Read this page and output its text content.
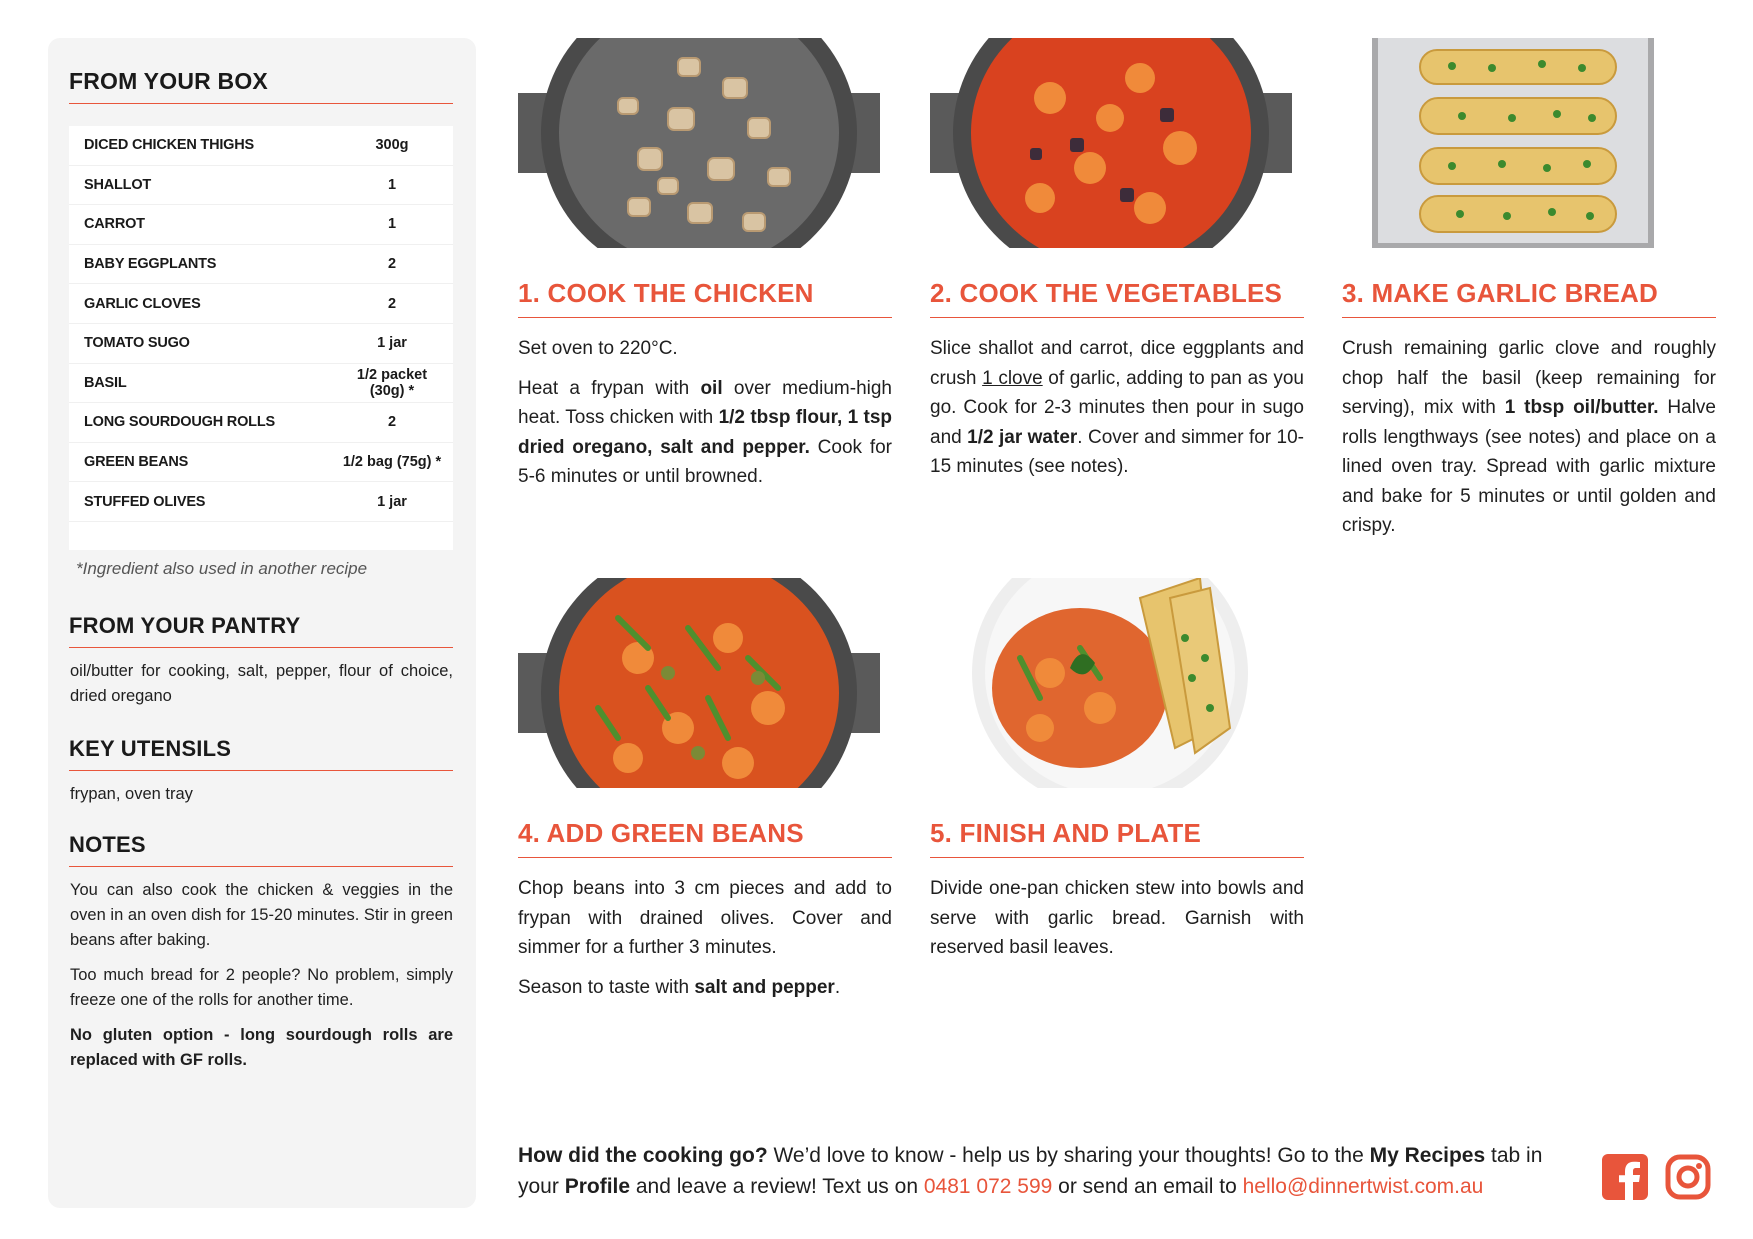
FROM YOUR BOX
DICED CHICKEN THIGHS	300g
SHALLOT	1
CARROT	1
BABY EGGPLANTS	2
GARLIC CLOVES	2
TOMATO SUGO	1 jar
BASIL	1/2 packet (30g) *
LONG SOURDOUGH ROLLS	2
GREEN BEANS	1/2 bag (75g) *
STUFFED OLIVES	1 jar
*Ingredient also used in another recipe
FROM YOUR PANTRY
oil/butter for cooking, salt, pepper, flour of choice, dried oregano
KEY UTENSILS
frypan, oven tray
NOTES

You can also cook the chicken & veggies in the oven in an oven dish for 15-20 minutes. Stir in green beans after baking.

Too much bread for 2 people? No problem, simply freeze one of the rolls for another time.

No gluten option - long sourdough rolls are replaced with GF rolls.

1. COOK THE CHICKEN

Set oven to 220°C.

Heat a frypan with oil over medium-high heat. Toss chicken with 1/2 tbsp flour, 1 tsp dried oregano, salt and pepper. Cook for 5-6 minutes or until browned.

2. COOK THE VEGETABLES

Slice shallot and carrot, dice eggplants and crush 1 clove of garlic, adding to pan as you go. Cook for 2-3 minutes then pour in sugo and 1/2 jar water. Cover and simmer for 10-15 minutes (see notes).

3. MAKE GARLIC BREAD

Crush remaining garlic clove and roughly chop half the basil (keep remaining for serving), mix with 1 tbsp oil/butter. Halve rolls lengthways (see notes) and place on a lined oven tray. Spread with garlic mixture and bake for 5 minutes or until golden and crispy.

4. ADD GREEN BEANS

Chop beans into 3 cm pieces and add to frypan with drained olives. Cover and simmer for a further 3 minutes.

Season to taste with salt and pepper.

5. FINISH AND PLATE

Divide one-pan chicken stew into bowls and serve with garlic bread. Garnish with reserved basil leaves.

How did the cooking go? We’d love to know - help us by sharing your thoughts! Go to the My Recipes tab in your Profile and leave a review! Text us on 0481 072 599 or send an email to hello@dinnertwist.com.au
